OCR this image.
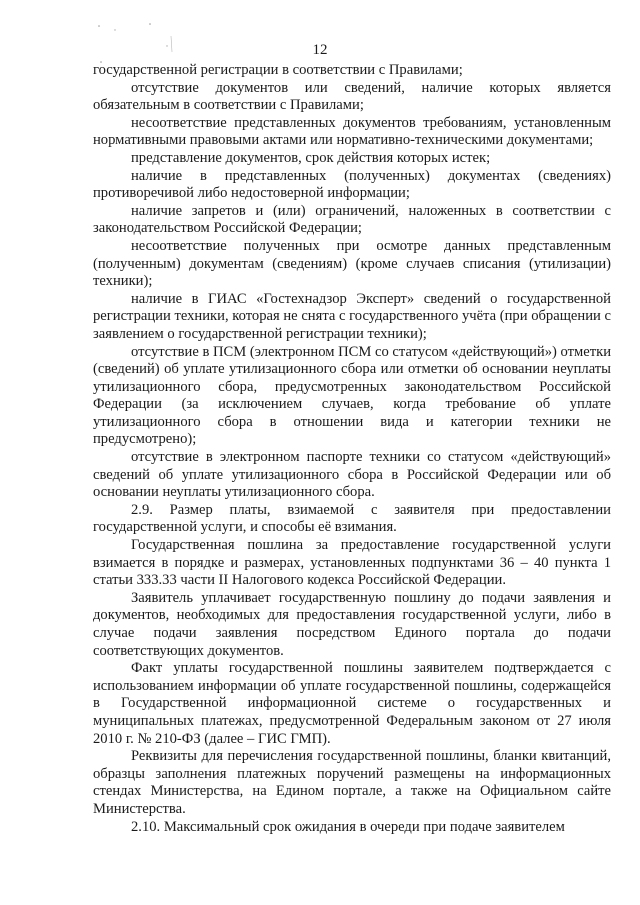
12

государственной регистрации в соответствии с Правилами;

отсутствие документов или сведений, наличие которых является обязательным в соответствии с Правилами;

несоответствие представленных документов требованиям, установленным нормативными правовыми актами или нормативно-техническими документами;

представление документов, срок действия которых истек;

наличие в представленных (полученных) документах (сведениях) противоречивой либо недостоверной информации;

наличие запретов и (или) ограничений, наложенных в соответствии с законодательством Российской Федерации;

несоответствие полученных при осмотре данных представленным (полученным) документам (сведениям) (кроме случаев списания (утилизации) техники);

наличие в ГИАС «Гостехнадзор Эксперт» сведений о государственной регистрации техники, которая не снята с государственного учёта (при обращении с заявлением о государственной регистрации техники);

отсутствие в ПСМ (электронном ПСМ со статусом «действующий») отметки (сведений) об уплате утилизационного сбора или отметки об основании неуплаты утилизационного сбора, предусмотренных законодательством Российской Федерации (за исключением случаев, когда требование об уплате утилизационного сбора в отношении вида и категории техники не предусмотрено);

отсутствие в электронном паспорте техники со статусом «действующий» сведений об уплате утилизационного сбора в Российской Федерации или об основании неуплаты утилизационного сбора.

2.9. Размер платы, взимаемой с заявителя при предоставлении государственной услуги, и способы её взимания.

Государственная пошлина за предоставление государственной услуги взимается в порядке и размерах, установленных подпунктами 36 – 40 пункта 1 статьи 333.33 части II Налогового кодекса Российской Федерации.

Заявитель уплачивает государственную пошлину до подачи заявления и документов, необходимых для предоставления государственной услуги, либо в случае подачи заявления посредством Единого портала до подачи соответствующих документов.

Факт уплаты государственной пошлины заявителем подтверждается с использованием информации об уплате государственной пошлины, содержащейся в Государственной информационной системе о государственных и муниципальных платежах, предусмотренной Федеральным законом от 27 июля 2010 г. № 210-ФЗ (далее – ГИС ГМП).

Реквизиты для перечисления государственной пошлины, бланки квитанций, образцы заполнения платежных поручений размещены на информационных стендах Министерства, на Едином портале, а также на Официальном сайте Министерства.

2.10. Максимальный срок ожидания в очереди при подаче заявителем
